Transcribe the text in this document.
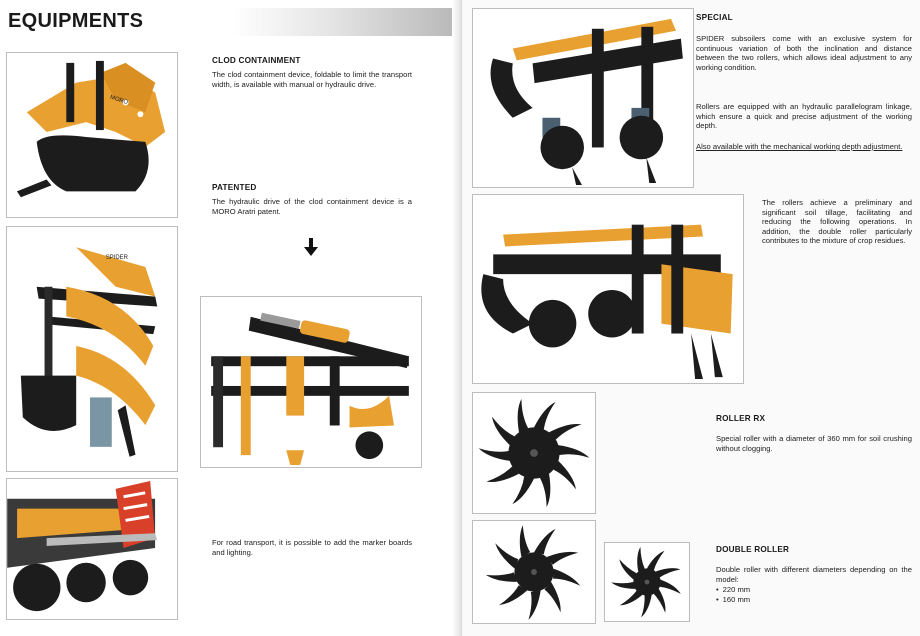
EQUIPMENTS
MORO
SPIDER
CLOD CONTAINMENT
The clod containment device, foldable to limit the transport width, is available with manual or hydraulic drive.
PATENTED
The hydraulic drive of the clod containment device is a MORO Aratri patent.
For road transport, it is possible to add the marker boards and lighting.
SPECIAL
SPIDER subsoilers come with an exclusive system for continuous variation of both the inclination and distance between the two rollers, which allows ideal adjustment to any working condition.
Rollers are equipped with an hydraulic parallelogram linkage, which ensure a quick and precise adjustment of the working depth.
Also available with the mechanical working depth adjustment.
The rollers achieve a preliminary and significant soil tillage, facilitating and reducing the following operations. In addition, the double roller particularly contributes to the mixture of crop residues.
ROLLER RX
Special roller with a diameter of 360 mm for soil crushing without clogging.
DOUBLE ROLLER
Double roller with different diameters depending on the model:
• 220 mm
• 160 mm
